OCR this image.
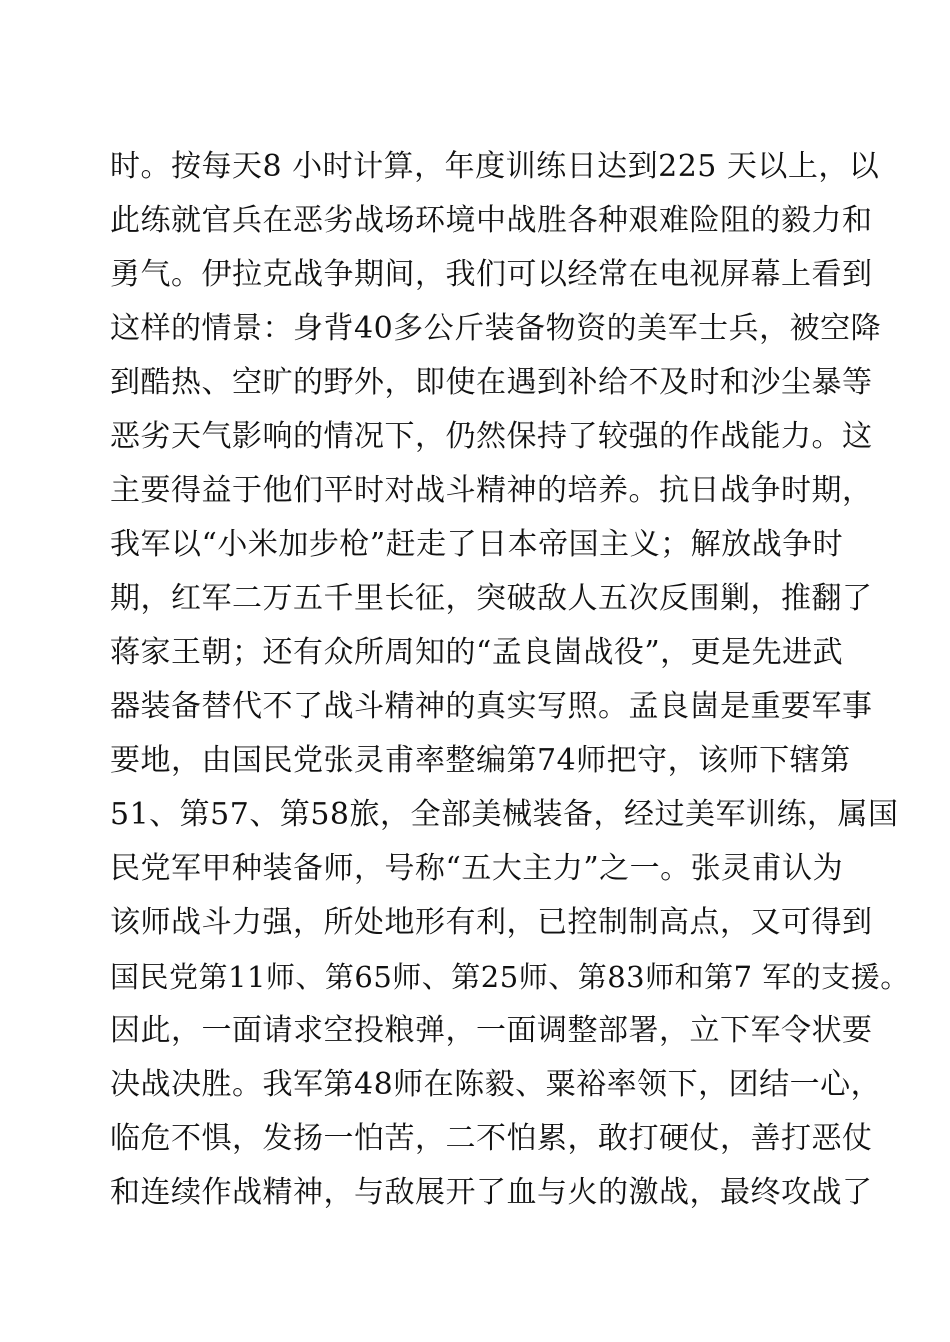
时。按每天8 小时计算，年度训练日达到225 天以上，以
此练就官兵在恶劣战场环境中战胜各种艰难险阻的毅力和
勇气。伊拉克战争期间，我们可以经常在电视屏幕上看到
这样的情景：身背40多公斤装备物资的美军士兵，被空降
到酷热、空旷的野外，即使在遇到补给不及时和沙尘暴等
恶劣天气影响的情况下，仍然保持了较强的作战能力。这
主要得益于他们平时对战斗精神的培养。抗日战争时期，
我军以“小米加步枪”赶走了日本帝国主义；解放战争时
期，红军二万五千里长征，突破敌人五次反围剿，推翻了
蒋家王朝；还有众所周知的“孟良崮战役”，更是先进武
器装备替代不了战斗精神的真实写照。孟良崮是重要军事
要地，由国民党张灵甫率整编第74师把守，该师下辖第
51、第57、第58旅，全部美械装备，经过美军训练，属国
民党军甲种装备师，号称“五大主力”之一。张灵甫认为
该师战斗力强，所处地形有利，已控制制高点，又可得到
国民党第11师、第65师、第25师、第83师和第7 军的支援。
因此，一面请求空投粮弹，一面调整部署，立下军令状要
决战决胜。我军第48师在陈毅、粟裕率领下，团结一心，
临危不惧，发扬一怕苦，二不怕累，敢打硬仗，善打恶仗
和连续作战精神，与敌展开了血与火的激战，最终攻战了
